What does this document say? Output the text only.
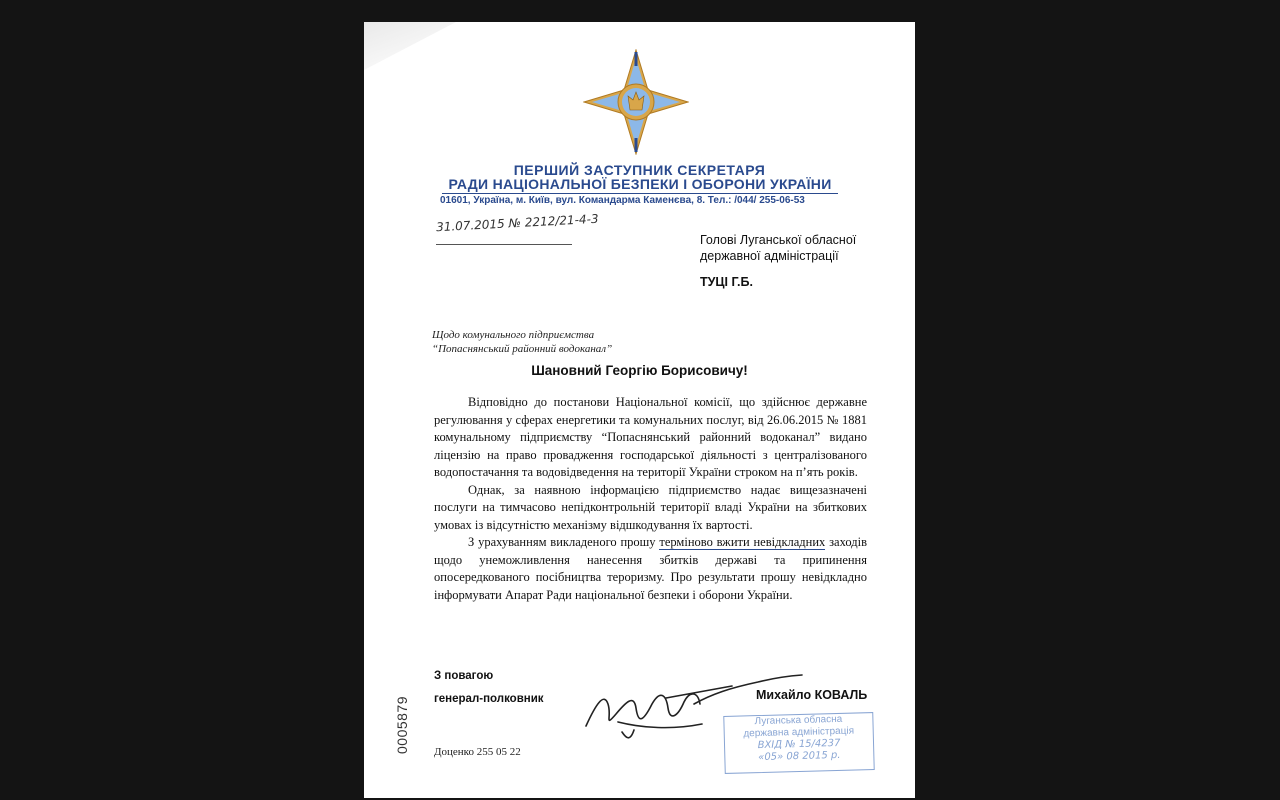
ПЕРШИЙ ЗАСТУПНИК СЕКРЕТАРЯ
РАДИ НАЦІОНАЛЬНОЇ БЕЗПЕКИ І ОБОРОНИ УКРАЇНИ
01601, Україна, м. Київ, вул. Командарма Каменєва, 8. Тел.: /044/ 255-06-53
31.07.2015 № 2212/21-4-3
Голові Луганської обласної
державної адміністрації
ТУЦІ Г.Б.
Щодо комунального підприємства
“Попаснянський районний водоканал”
Шановний Георгію Борисовичу!

Відповідно до постанови Національної комісії, що здійснює державне регулювання у сферах енергетики та комунальних послуг, від 26.06.2015 № 1881 комунальному підприємству “Попаснянський районний водоканал” видано ліцензію на право провадження господарської діяльності з централізованого водопостачання та водовідведення на території України строком на п’ять років.

Однак, за наявною інформацією підприємство надає вищезазначені послуги на тимчасово непідконтрольній території владі України на збиткових умовах із відсутністю механізму відшкодування їх вартості.

З урахуванням викладеного прошу терміново вжити невідкладних заходів щодо унеможливлення нанесення збитків державі та припинення опосередкованого посібництва тероризму. Про результати прошу невідкладно інформувати Апарат Ради національної безпеки і оборони України.

З повагою
генерал-полковник	Михайло КОВАЛЬ
Луганська обласна
державна адміністрація
ВХІД № 15/4237
«05» 08 2015 р.
Доценко 255 05 22
0005879
